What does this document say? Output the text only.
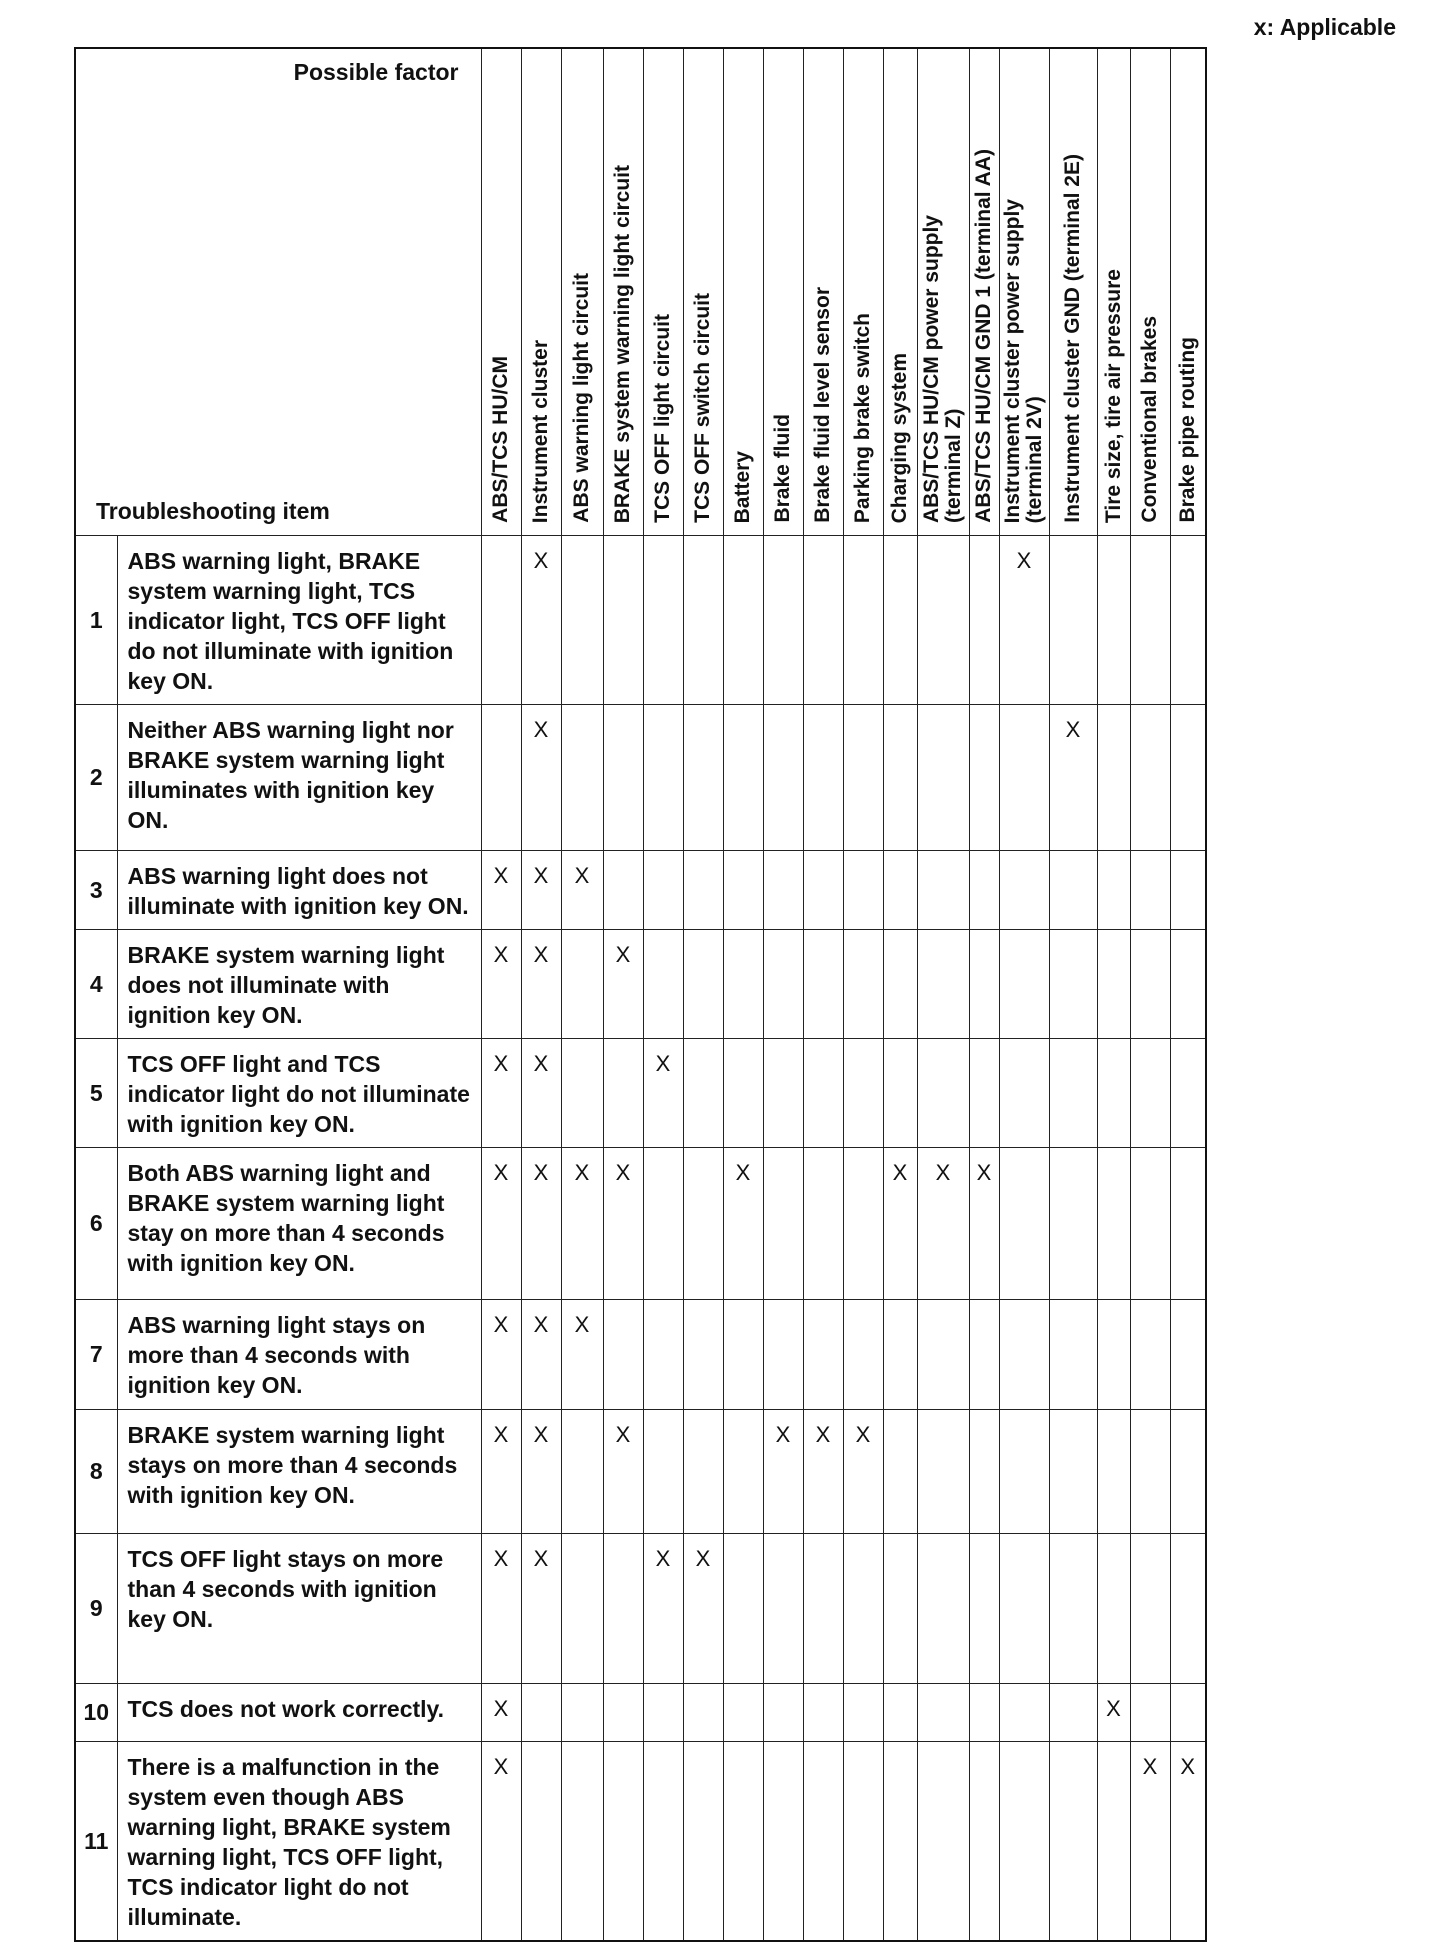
x: Applicable
Possible factor
Troubleshooting item		ABS/TCS HU/CM	Instrument cluster	ABS warning light circuit	BRAKE system warning light circuit	TCS OFF light circuit	TCS OFF switch circuit	Battery	Brake fluid	Brake fluid level sensor	Parking brake switch	Charging system	ABS/TCS HU/CM power supply
(terminal Z)	ABS/TCS HU/CM GND 1 (terminal AA)	Instrument cluster power supply
(terminal 2V)	Instrument cluster GND (terminal 2E)	Tire size, tire air pressure	Conventional brakes	Brake pipe routing

1	ABS warning light, BRAKE system warning light, TCS indicator light, TCS OFF light do not illuminate with ignition key ON.		X												X				
2	Neither ABS warning light nor BRAKE system warning light illuminates with ignition key ON.		X													X			
3	ABS warning light does not illuminate with ignition key ON.	X	X	X															
4	BRAKE system warning light does not illuminate with ignition key ON.	X	X		X														
5	TCS OFF light and TCS indicator light do not illuminate with ignition key ON.	X	X			X													
6	Both ABS warning light and BRAKE system warning light stay on more than 4 seconds with ignition key ON.	X	X	X	X			X				X	X	X					
7	ABS warning light stays on more than 4 seconds with ignition key ON.	X	X	X															
8	BRAKE system warning light stays on more than 4 seconds with ignition key ON.	X	X		X				X	X	X								
9	TCS OFF light stays on more than 4 seconds with ignition key ON.	X	X			X	X												
10	TCS does not work correctly.	X															X		
11	There is a malfunction in the system even though ABS warning light, BRAKE system warning light, TCS OFF light, TCS indicator light do not illuminate.	X																X	X
